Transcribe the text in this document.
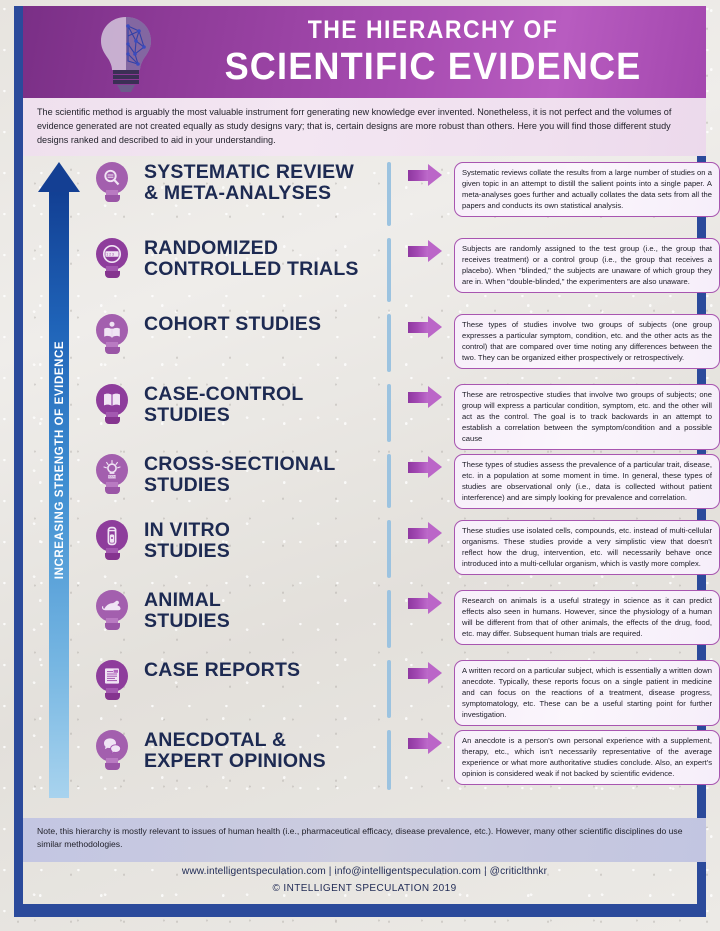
THE HIERARCHY OF
SCIENTIFIC EVIDENCE

The scientific method is arguably the most valuable instrument forr generating new knowledge ever invented. Nonetheless, it is not perfect and the volumes of evidence generated are not created equally as study designs vary; that is, certain designs are more robust than others. Here you will find those different study designs ranked and described to aid in your understanding.

INCREASING STRENGTH OF EVIDENCE
SYSTEMATIC REVIEW
& META-ANALYSES
Systematic reviews collate the results from a large number of studies on a given topic in an attempt to distill the salient points into a single paper. A meta-analyses goes further and actually collates the data sets from all the papers and conducts its own statistical analysis.
1 2 3	RANDOMIZED
CONTROLLED TRIALS
Subjects are randomly assigned to the test group (i.e., the group that receives treatment) or a control group (i.e., the group that receives a placebo). When "blinded," the subjects are unaware of which group they are in. When "double-blinded," the experimenters are also unaware.
COHORT STUDIES	These types of studies involve two groups of subjects (one group expresses a particular symptom, condition, etc. and the other acts as the control) that are compared over time noting any differences between the two. They can be organized either prospectively or retrospectively.
CASE-CONTROL
STUDIES
These are retrospective studies that involve two groups of subjects; one group will express a particular condition, symptom, etc. and the other will act as the control. The goal is to track backwards in an attempt to establish a correlation between the symptom/condition and a possible cause
IDEAS
CROSS-SECTIONAL
STUDIES
These types of studies assess the prevalence of a particular trait, disease, etc. in a population at some moment in time. In general, these types of studies are observational only (i.e., data is collected without patient interference) and are simply looking for prevalence and correlation.
IN VITRO
STUDIES
These studies use isolated cells, compounds, etc. instead of multi-cellular organisms. These studies provide a very simplistic view that doesn't reflect how the drug, intervention, etc. will necessarily behave once introduced into a multi-cellular organism, which is vastly more complex.
ANIMAL
STUDIES
Research on animals is a useful strategy in science as it can predict effects also seen in humans. However, since the physiology of a human will be different from that of other animals, the effects of the drug, food, etc. may differ. Subsequent human trials are required.
CASE REPORTS	A written record on a particular subject, which is essentially a written down anecdote. Typically, these reports focus on a single patient in medicine and can focus on the reactions of a treatment, disease progress, symptomatology, etc. These can be a useful starting point for further investigation.
ANECDOTAL &
EXPERT OPINIONS
An anecdote is a person's own personal experience with a supplement, therapy, etc., which isn't necessarily representative of the average experience or what more authoritative studies conclude. Also, an expert's opinion is considered weak if not backed by scientific evidence.

Note, this hierarchy is mostly relevant to issues of human health (i.e., pharmaceutical efficacy, disease prevalence, etc.). However, many other scientific disciplines do use similar methodologies.

www.intelligentspeculation.com | info@intelligentspeculation.com | @criticlthnkr
© INTELLIGENT SPECULATION 2019
